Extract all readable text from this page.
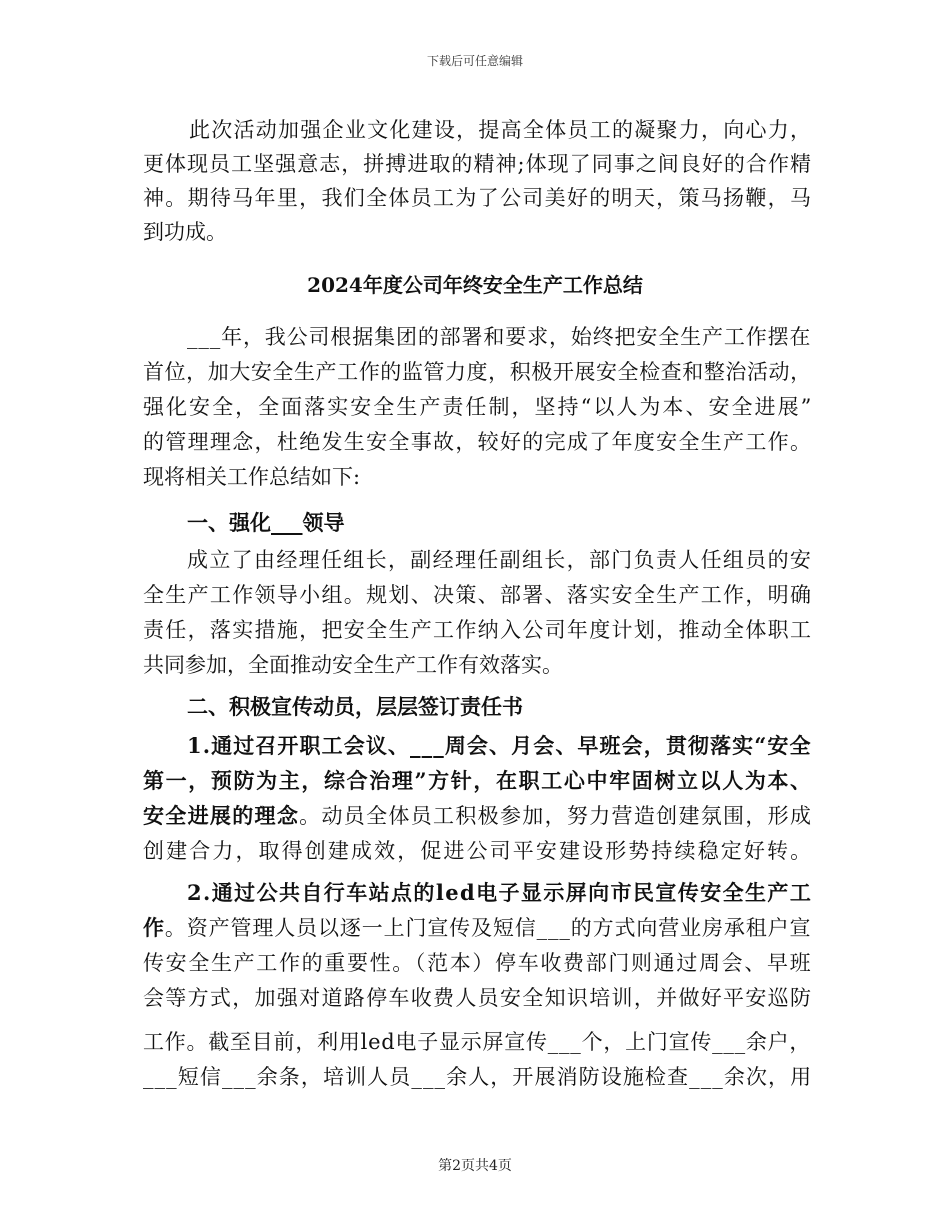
下载后可任意编辑
2024年度公司年终安全生产工作总结
此次活动加强企业文化建设，提高全体员工的凝聚力，向心力，
更体现员工坚强意志，拼搏进取的精神;体现了同事之间良好的合作精
神。期待马年里，我们全体员工为了公司美好的明天，策马扬鞭，马
到功成。
___年，我公司根据集团的部署和要求，始终把安全生产工作摆在
首位，加大安全生产工作的监管力度，积极开展安全检查和整治活动，
强化安全，全面落实安全生产责任制，坚持“以人为本、安全进展”
的管理理念，杜绝发生安全事故，较好的完成了年度安全生产工作。
现将相关工作总结如下:
一、强化___领导
成立了由经理任组长，副经理任副组长，部门负责人任组员的安
全生产工作领导小组。规划、决策、部署、落实安全生产工作，明确
责任，落实措施，把安全生产工作纳入公司年度计划，推动全体职工
共同参加，全面推动安全生产工作有效落实。
二、积极宣传动员，层层签订责任书
1.通过召开职工会议、___周会、月会、早班会，贯彻落实“安全
第一，预防为主，综合治理”方针，在职工心中牢固树立以人为本、
安全进展的理念。动员全体员工积极参加，努力营造创建氛围，形成
创建合力，取得创建成效，促进公司平安建设形势持续稳定好转。
2.通过公共自行车站点的led电子显示屏向市民宣传安全生产工
作。资产管理人员以逐一上门宣传及短信___的方式向营业房承租户宣
传安全生产工作的重要性。（范本）停车收费部门则通过周会、早班
会等方式，加强对道路停车收费人员安全知识培训，并做好平安巡防
工作。截至目前，利用led电子显示屏宣传___个，上门宣传___余户，
___短信___余条，培训人员___余人，开展消防设施检查___余次，用
第2页共4页
